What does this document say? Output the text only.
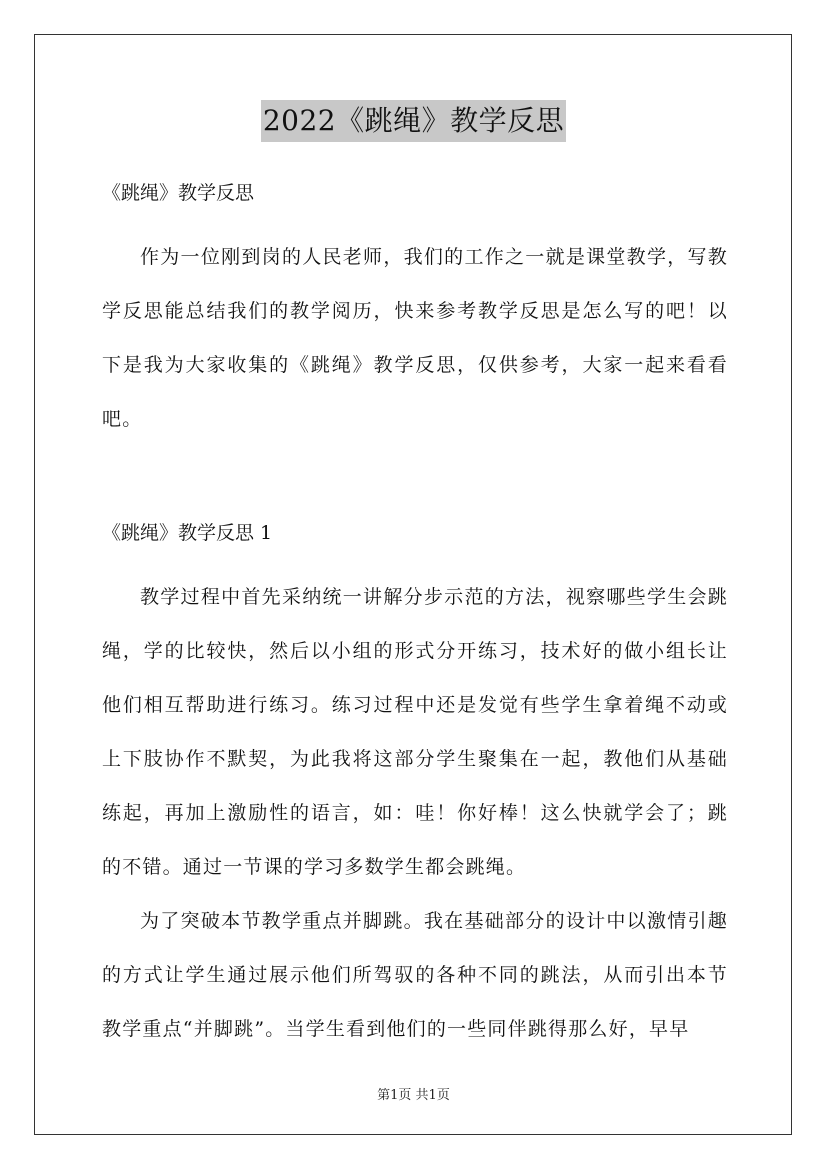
2022《跳绳》教学反思

《跳绳》教学反思

作为一位刚到岗的人民老师，我们的工作之一就是课堂教学，写教学反思能总结我们的教学阅历，快来参考教学反思是怎么写的吧！以下是我为大家收集的《跳绳》教学反思，仅供参考，大家一起来看看吧。

《跳绳》教学反思 1

教学过程中首先采纳统一讲解分步示范的方法，视察哪些学生会跳绳，学的比较快，然后以小组的形式分开练习，技术好的做小组长让他们相互帮助进行练习。练习过程中还是发觉有些学生拿着绳不动或上下肢协作不默契，为此我将这部分学生聚集在一起，教他们从基础练起，再加上激励性的语言，如：哇！你好棒！这么快就学会了；跳的不错。通过一节课的学习多数学生都会跳绳。

为了突破本节教学重点并脚跳。我在基础部分的设计中以激情引趣的方式让学生通过展示他们所驾驭的各种不同的跳法，从而引出本节教学重点“并脚跳”。当学生看到他们的一些同伴跳得那么好，早早

第1页 共1页
